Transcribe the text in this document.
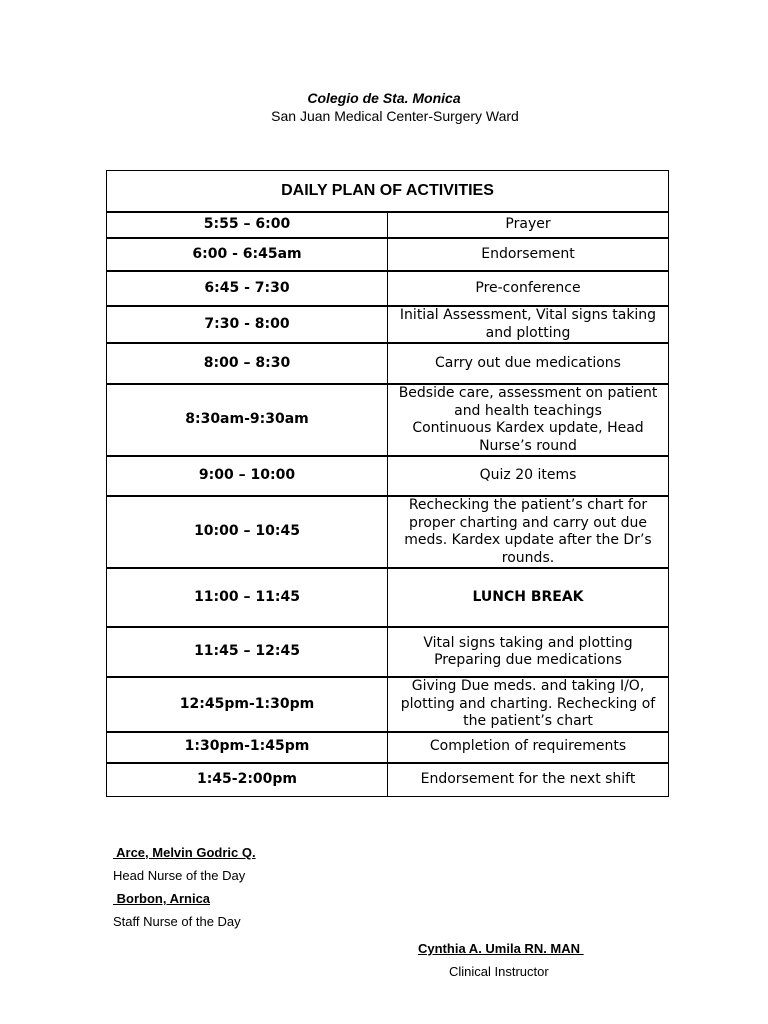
Colegio de Sta. Monica
San Juan Medical Center-Surgery Ward
DAILY PLAN OF ACTIVITIES	
5:55 – 6:00	Prayer
6:00 - 6:45am	Endorsement
6:45 - 7:30	Pre-conference
7:30 - 8:00	Initial Assessment, Vital signs taking and plotting
8:00 – 8:30	Carry out due medications
8:30am-9:30am	Bedside care, assessment on patient and health teachings
Continuous Kardex update, Head Nurse’s round
9:00 – 10:00	Quiz 20 items
10:00 – 10:45	Rechecking the patient’s chart for proper charting and carry out due meds. Kardex update after the Dr’s rounds.
11:00 – 11:45	LUNCH BREAK
11:45 – 12:45	Vital signs taking and plotting
Preparing due medications
12:45pm-1:30pm	Giving Due meds. and taking I/O, plotting and charting. Rechecking of the patient’s chart
1:30pm-1:45pm	Completion of requirements
1:45-2:00pm	Endorsement for the next shift
Arce, Melvin Godric Q.
Head Nurse of the Day
Borbon, Arnica
Staff Nurse of the Day
Cynthia A. Umila RN. MAN
Clinical Instructor
